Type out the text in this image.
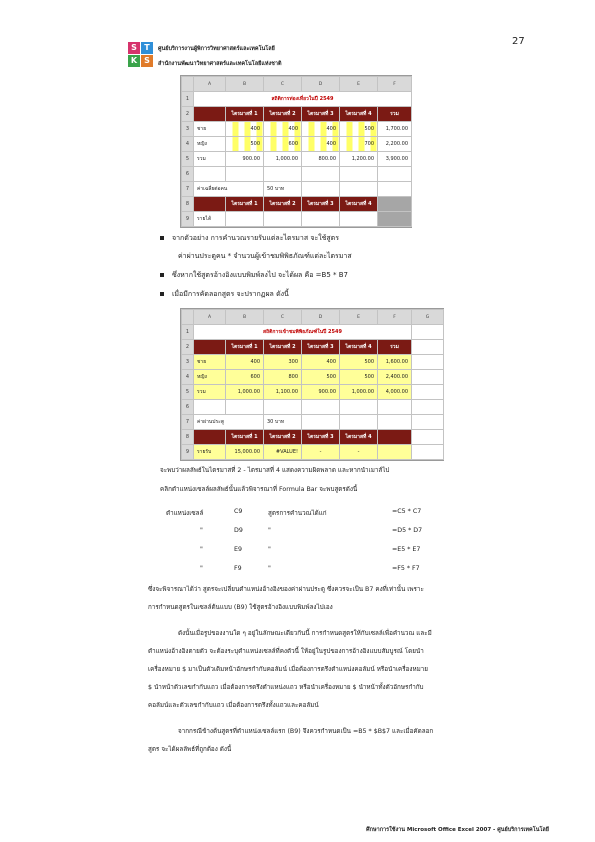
27
S T
K S
ศูนย์บริการงานผู้พิการวิทยาศาสตร์และเทคโนโลยี
สำนักงานพัฒนาวิทยาศาสตร์และเทคโนโลยีแห่งชาติ
	A	B	C	D	E	F
1	สถิติการท่องเที่ยวในปี 2549					
2		ไตรมาสที่ 1	ไตรมาสที่ 2	ไตรมาสที่ 3	ไตรมาสที่ 4	รวม
3	ชาย	400	400	400	500	1,700.00
4	หญิง	500	600	400	700	2,200.00
5	รวม	900.00	1,000.00	800.00	1,200.00	3,900.00
6						
7	ค่าเฉลี่ยต่อคน		50 บาท			
8		ไตรมาสที่ 1	ไตรมาสที่ 2	ไตรมาสที่ 3	ไตรมาสที่ 4	
9	รายได้					
จากตัวอย่าง การคำนวณรายรับแต่ละไตรมาส จะใช้สูตร
ค่าผ่านประตูคน * จำนวนผู้เข้าชมพิพิธภัณฑ์แต่ละไตรมาส
ซึ่งหากใช้สูตรอ้างอิงแบบพิมพ์ลงไป จะได้ผล คือ =B5 * B7
เมื่อมีการคัดลอกสูตร จะปรากฏผล ดังนี้
	A	B	C	D	E	F	G
1	สถิติการเข้าชมพิพิธภัณฑ์ในปี 2549						
2		ไตรมาสที่ 1	ไตรมาสที่ 2	ไตรมาสที่ 3	ไตรมาสที่ 4	รวม	
3	ชาย	400	300	400	500	1,600.00	
4	หญิง	600	800	500	500	2,400.00	
5	รวม	1,000.00	1,100.00	900.00	1,000.00	4,000.00	
6							
7	ค่าผ่านประตู		30 บาท				
8		ไตรมาสที่ 1	ไตรมาสที่ 2	ไตรมาสที่ 3	ไตรมาสที่ 4		
9	รายรับ	15,000.00	#VALUE!	-	-		
จะพบว่าผลลัพธ์ในไตรมาสที่ 2 - ไตรมาสที่ 4 แสดงความผิดพลาด และหากนำเมาส์ไป
คลิกตำแหน่งเซลล์ผลลัพธ์นั้นแล้วพิจารณาที่ Formula Bar จะพบสูตรดังนี้
ตำแหน่งเซลล์	C9	สูตรการคำนวณได้แก่	=C5 * C7
"	D9	"	=D5 * D7
"	E9	"	=E5 * E7
"	F9	"	=F5 * F7
ซึ่งจะพิจารณาได้ว่า สูตรจะเปลี่ยนตำแหน่งอ้างอิงของค่าผ่านประตู ซึ่งควรจะเป็น B7 คงที่เท่านั้น เพราะ
การกำหนดสูตรในเซลล์ต้นแบบ (B9) ใช้สูตรอ้างอิงแบบพิมพ์ลงไปเอง
ดังนั้นเมื่อรูปของงานใด ๆ อยู่ในลักษณะเดียวกันนี้ การกำหนดสูตรให้กับเซลล์เพื่อคำนวณ และมี
ตำแหน่งอ้างอิงตายตัว จะต้องระบุตำแหน่งเซลล์ที่คงตัวนี้ ให้อยู่ในรูปของการอ้างอิงแบบสัมบูรณ์ โดยนำ
เครื่องหมาย $ มาเป็นตัวเติมหน้าอักษรกำกับคอลัมน์ เมื่อต้องการตรึงตำแหน่งคอลัมน์ หรือนำเครื่องหมาย
$ นำหน้าตัวเลขกำกับแถว เมื่อต้องการตรึงตำแหน่งแถว หรือนำเครื่องหมาย $ นำหน้าทั้งตัวอักษรกำกับ
คอลัมน์และตัวเลขกำกับแถว เมื่อต้องการตรึงทั้งแถวและคอลัมน์
จากกรณีข้างต้นสูตรที่ตำแหน่งเซลล์แรก (B9) จึงควรกำหนดเป็น =B5 * $B$7 และเมื่อคัดลอก
สูตร จะได้ผลลัพธ์ที่ถูกต้อง ดังนี้
ศึกษาการใช้งาน Microsoft Office Excel 2007 - ศูนย์บริการเทคโนโลยี
